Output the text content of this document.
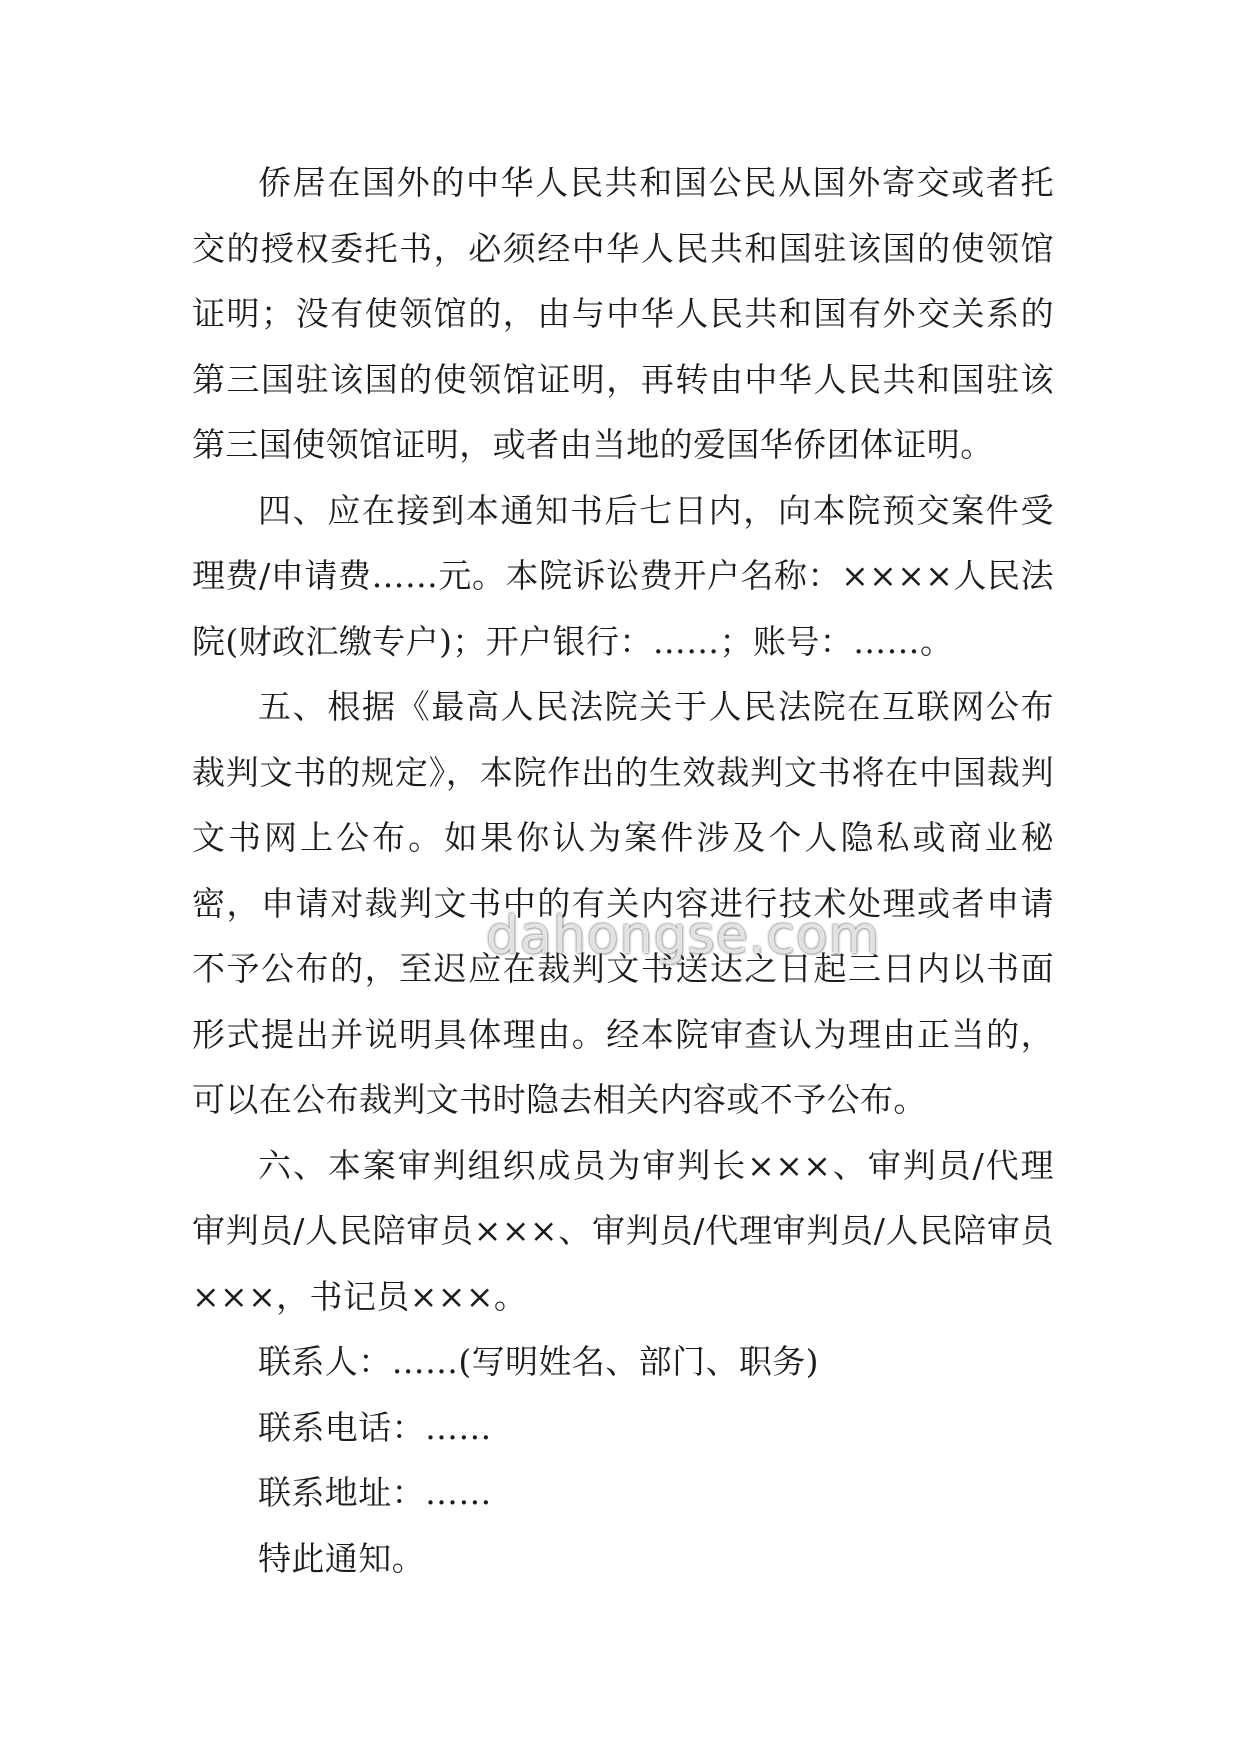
侨居在国外的中华人民共和国公民从国外寄交或者托交的授权委托书，必须经中华人民共和国驻该国的使领馆证明；没有使领馆的，由与中华人民共和国有外交关系的第三国驻该国的使领馆证明，再转由中华人民共和国驻该第三国使领馆证明，或者由当地的爱国华侨团体证明。

四、应在接到本通知书后七日内，向本院预交案件受理费/申请费……元。本院诉讼费开户名称：××××人民法院(财政汇缴专户)；开户银行：……；账号：……。

五、根据《最高人民法院关于人民法院在互联网公布裁判文书的规定》，本院作出的生效裁判文书将在中国裁判文书网上公布。如果你认为案件涉及个人隐私或商业秘密，申请对裁判文书中的有关内容进行技术处理或者申请不予公布的，至迟应在裁判文书送达之日起三日内以书面形式提出并说明具体理由。经本院审查认为理由正当的，可以在公布裁判文书时隐去相关内容或不予公布。

六、本案审判组织成员为审判长×××、审判员/代理审判员/人民陪审员×××、审判员/代理审判员/人民陪审员×××，书记员×××。

联系人：……(写明姓名、部门、职务)

联系电话：……

联系地址：……

特此通知。

dahongse.com
